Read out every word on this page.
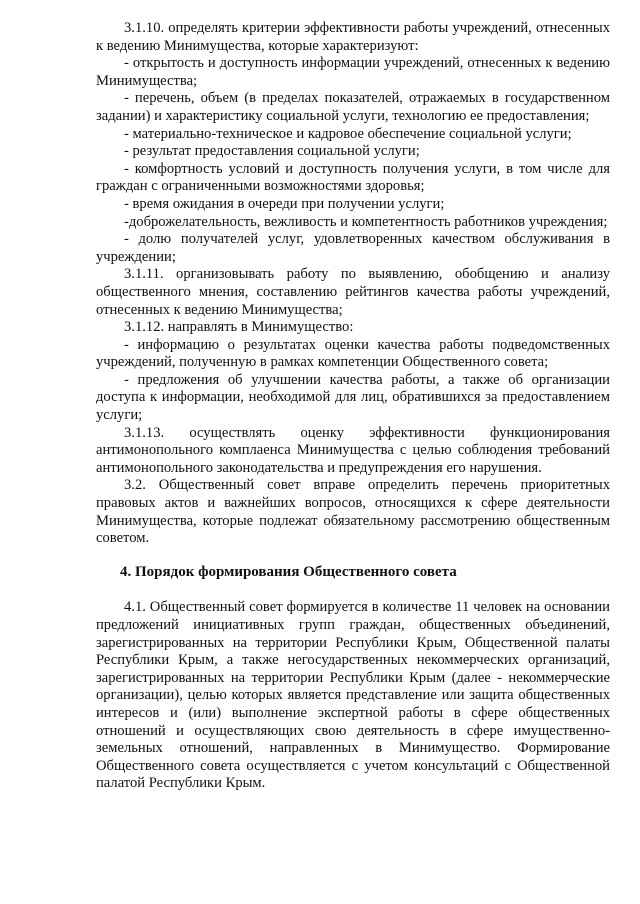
3.1.10. определять критерии эффективности работы учреждений, отнесенных к ведению Минимущества, которые характеризуют:

- открытость и доступность информации учреждений, отнесенных к ведению Минимущества;

- перечень, объем (в пределах показателей, отражаемых в государственном задании) и характеристику социальной услуги, технологию ее предоставления;

- материально-техническое и кадровое обеспечение социальной услуги;

- результат предоставления социальной услуги;

- комфортность условий и доступность получения услуги, в том числе для граждан с ограниченными возможностями здоровья;

- время ожидания в очереди при получении услуги;

-доброжелательность, вежливость и компетентность работников учреждения;

- долю получателей услуг, удовлетворенных качеством обслуживания в учреждении;

3.1.11. организовывать работу по выявлению, обобщению и анализу общественного мнения, составлению рейтингов качества работы учреждений, отнесенных к ведению Минимущества;

3.1.12. направлять в Минимущество:

- информацию о результатах оценки качества работы подведомственных учреждений, полученную в рамках компетенции Общественного совета;

- предложения об улучшении качества работы, а также об организации доступа к информации, необходимой для лиц, обратившихся за предоставлением услуги;

3.1.13. осуществлять оценку эффективности функционирования антимонопольного комплаенса Минимущества с целью соблюдения требований антимонопольного законодательства и предупреждения его нарушения.

3.2. Общественный совет вправе определить перечень приоритетных правовых актов и важнейших вопросов, относящихся к сфере деятельности Минимущества, которые подлежат обязательному рассмотрению общественным советом.

4. Порядок формирования Общественного совета

4.1. Общественный совет формируется в количестве 11 человек на основании предложений инициативных групп граждан, общественных объединений, зарегистрированных на территории Республики Крым, Общественной палаты Республики Крым, а также негосударственных некоммерческих организаций, зарегистрированных на территории Республики Крым (далее - некоммерческие организации), целью которых является представление или защита общественных интересов и (или) выполнение экспертной работы в сфере общественных отношений и осуществляющих свою деятельность в сфере имущественно-земельных отношений, направленных в Минимущество. Формирование Общественного совета осуществляется с учетом консультаций с Общественной палатой Республики Крым.
